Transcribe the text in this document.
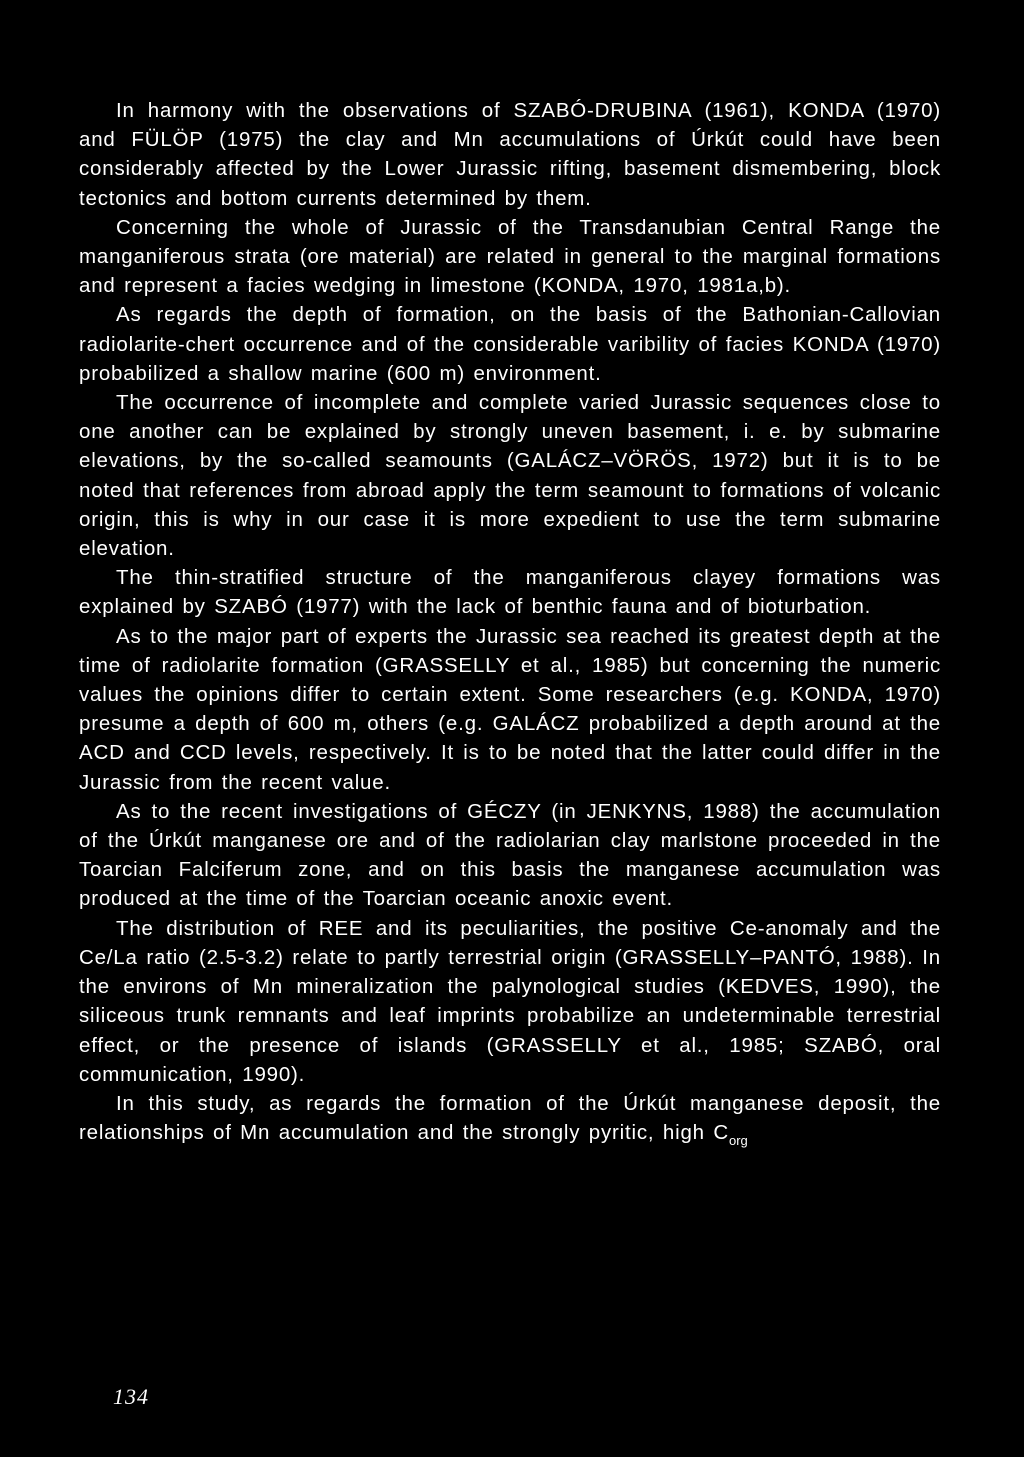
In harmony with the observations of SZABÓ-DRUBINA (1961), KONDA (1970) and FÜLÖP (1975) the clay and Mn accumulations of Úrkút could have been considerably affected by the Lower Jurassic rifting, basement dismembering, block tectonics and bottom currents determined by them.

Concerning the whole of Jurassic of the Transdanubian Central Range the manganiferous strata (ore material) are related in general to the marginal formations and represent a facies wedging in limestone (KONDA, 1970, 1981a,b).

As regards the depth of formation, on the basis of the Bathonian-Callovian radiolarite-chert occurrence and of the considerable varibility of facies KONDA (1970) probabilized a shallow marine (600 m) environment.

The occurrence of incomplete and complete varied Jurassic sequences close to one another can be explained by strongly uneven basement, i. e. by submarine elevations, by the so-called seamounts (GALÁCZ–VÖRÖS, 1972) but it is to be noted that references from abroad apply the term seamount to formations of volcanic origin, this is why in our case it is more expedient to use the term submarine elevation.

The thin-stratified structure of the manganiferous clayey formations was explained by SZABÓ (1977) with the lack of benthic fauna and of bioturbation.

As to the major part of experts the Jurassic sea reached its greatest depth at the time of radiolarite formation (GRASSELLY et al., 1985) but concerning the numeric values the opinions differ to certain extent. Some researchers (e.g. KONDA, 1970) presume a depth of 600 m, others (e.g. GALÁCZ probabilized a depth around at the ACD and CCD levels, respectively. It is to be noted that the latter could differ in the Jurassic from the recent value.

As to the recent investigations of GÉCZY (in JENKYNS, 1988) the accumulation of the Úrkút manganese ore and of the radiolarian clay marlstone proceeded in the Toarcian Falciferum zone, and on this basis the manganese accumulation was produced at the time of the Toarcian oceanic anoxic event.

The distribution of REE and its peculiarities, the positive Ce-anomaly and the Ce/La ratio (2.5-3.2) relate to partly terrestrial origin (GRASSELLY–PANTÓ, 1988). In the environs of Mn mineralization the palynological studies (KEDVES, 1990), the siliceous trunk remnants and leaf imprints probabilize an undeterminable terrestrial effect, or the presence of islands (GRASSELLY et al., 1985; SZABÓ, oral communication, 1990).

In this study, as regards the formation of the Úrkút manganese deposit, the relationships of Mn accumulation and the strongly pyritic, high $C_{org}$

134
